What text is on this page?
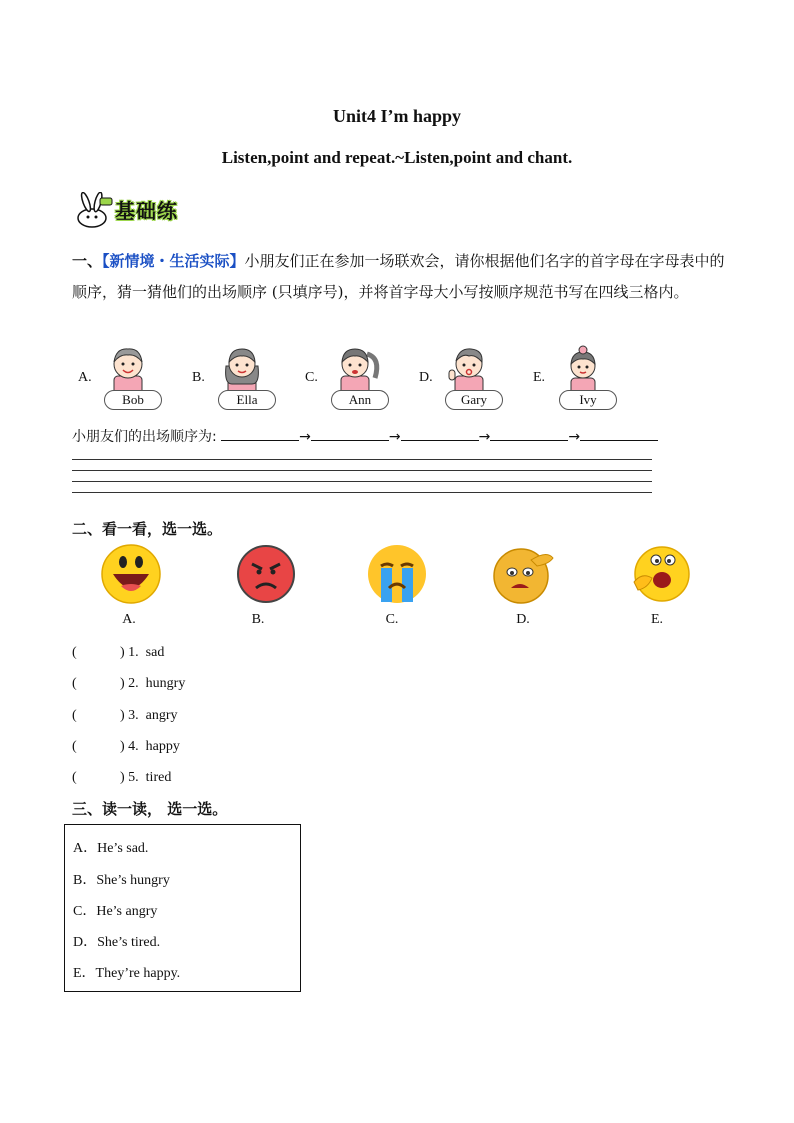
Unit4 I’m happy
Listen,point and repeat.~Listen,point and chant.
基础练
一、【新情境・生活实际】小朋友们正在参加一场联欢会，请你根据他们名字的首字母在字母表中的顺序，猜一猜他们的出场顺序 (只填序号)，并将首字母大小写按顺序规范书写在四线三格内。
A.
Bob
B.
Ella
C.
Ann
D.
Gary
E.
Ivy
小朋友们的出场顺序为:	→	→	→	→
二、看一看，选一选。
A.	B.	C.	D.	E.
(	) 1. sad
(	) 2. hungry
(	) 3. angry
(	) 4. happy
(	) 5. tired
三、读一读， 选一选。
A．He’s sad.
B．She’s hungry
C．He’s angry
D．She’s tired.
E．They’re happy.
